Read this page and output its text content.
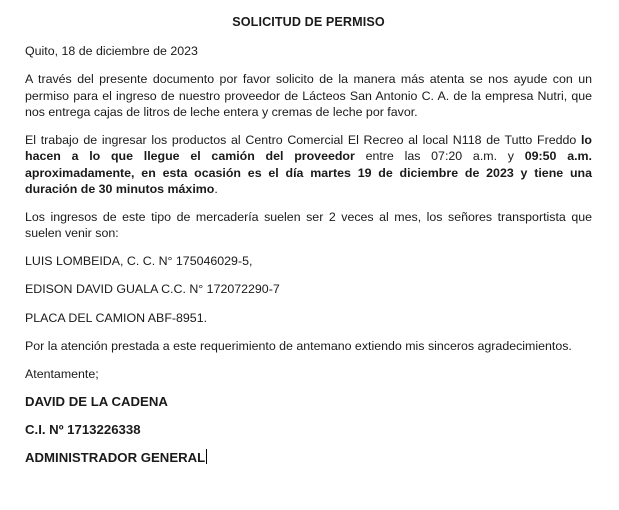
SOLICITUD DE PERMISO

Quito, 18 de diciembre de 2023

A través del presente documento por favor solicito de la manera más atenta se nos ayude con un permiso para el ingreso de nuestro proveedor de Lácteos San Antonio C. A. de la empresa Nutri, que nos entrega cajas de litros de leche entera y cremas de leche por favor.

El trabajo de ingresar los productos al Centro Comercial El Recreo al local N118 de Tutto Freddo lo hacen a lo que llegue el camión del proveedor entre las 07:20 a.m. y 09:50 a.m. aproximadamente, en esta ocasión es el día martes 19 de diciembre de 2023 y tiene una duración de 30 minutos máximo.

Los ingresos de este tipo de mercadería suelen ser 2 veces al mes, los señores transportista que suelen venir son:

LUIS LOMBEIDA, C. C. N° 175046029-5,

EDISON DAVID GUALA C.C. N° 172072290-7

PLACA DEL CAMION ABF-8951.

Por la atención prestada a este requerimiento de antemano extiendo mis sinceros agradecimientos.

Atentamente;

DAVID DE LA CADENA
C.I. Nº 1713226338
ADMINISTRADOR GENERAL
